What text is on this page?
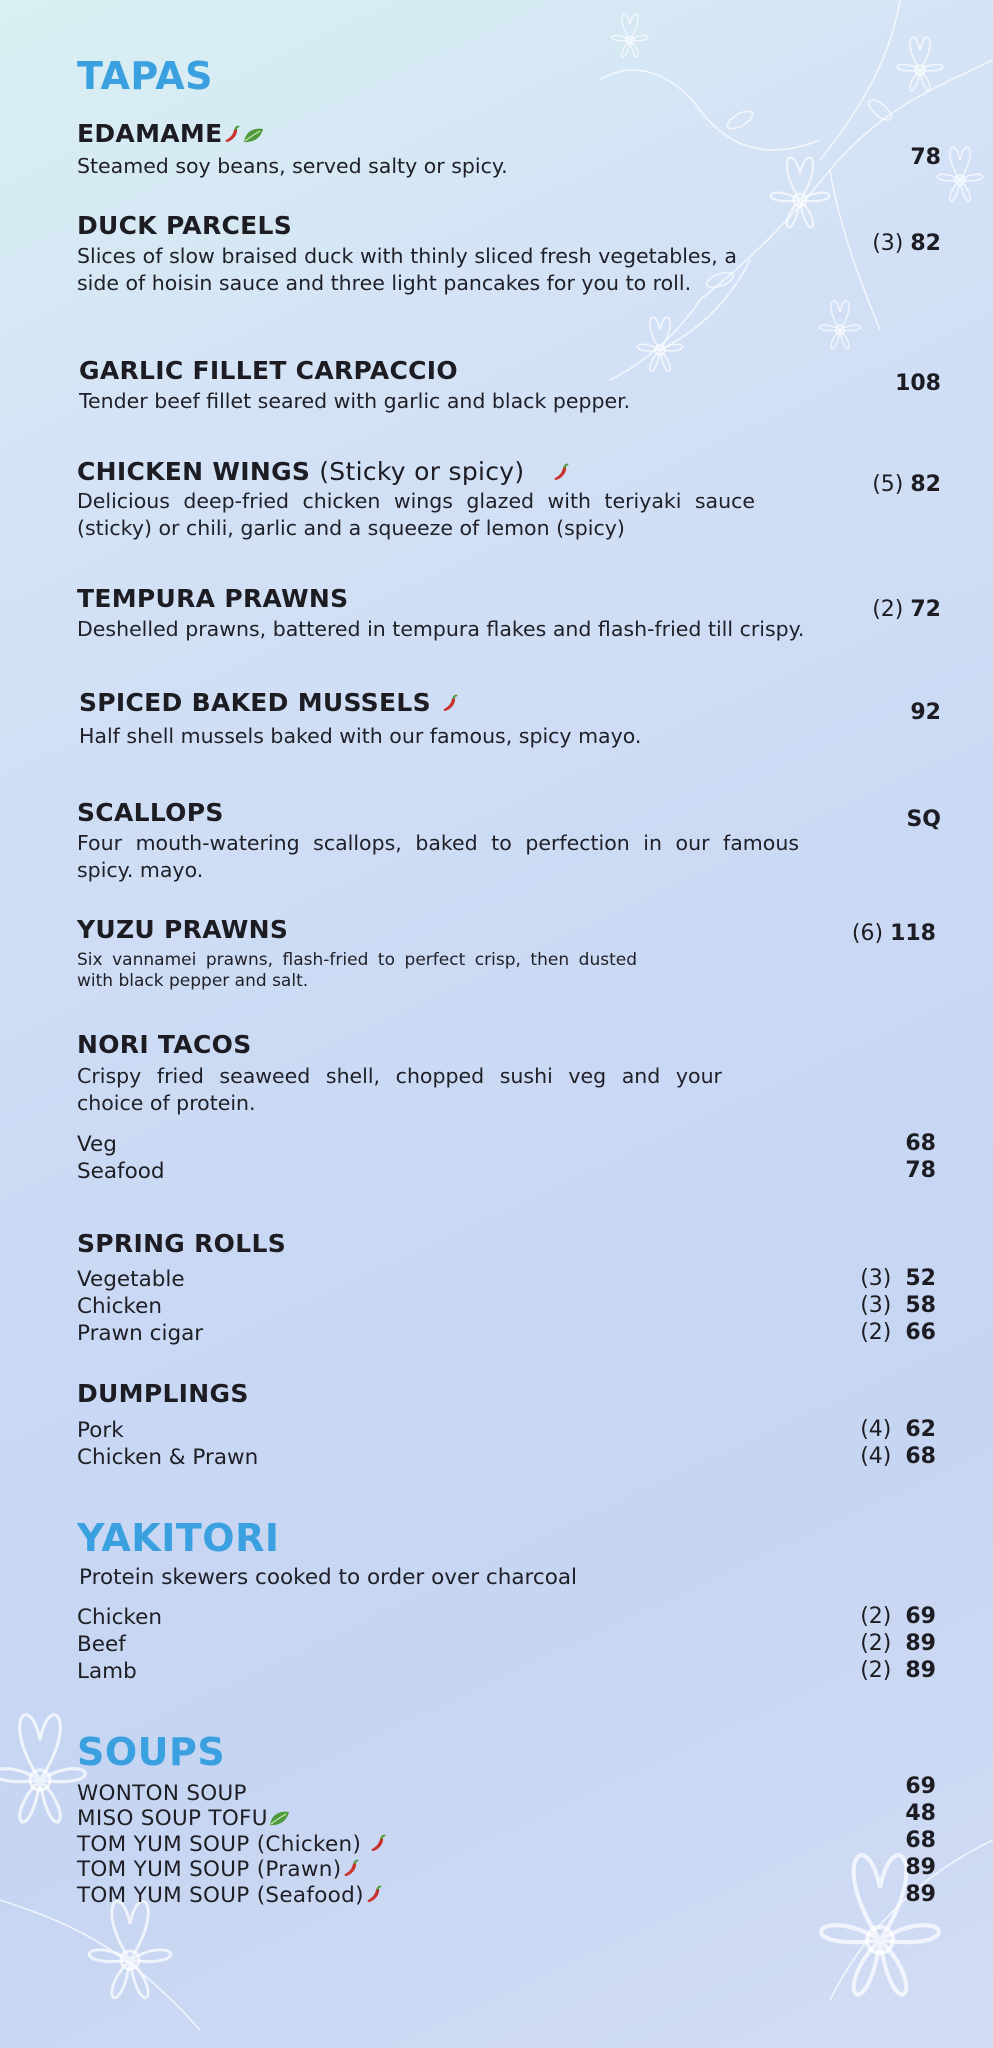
TAPAS
EDAMAME
Steamed soy beans, served salty or spicy.	78
DUCK PARCELS
Slices of slow braised duck with thinly sliced fresh vegetables, a side of hoisin sauce and three light pancakes for you to roll.
(3) 82
GARLIC FILLET CARPACCIO
Tender beef fillet seared with garlic and black pepper.
108
CHICKEN WINGS (Sticky or spicy)
Delicious deep-fried chicken wings glazed with teriyaki sauce (sticky) or chili, garlic and a squeeze of lemon (spicy)
(5) 82
TEMPURA PRAWNS
Deshelled prawns, battered in tempura flakes and flash-fried till crispy.
(2) 72
SPICED BAKED MUSSELS
Half shell mussels baked with our famous, spicy mayo.
92
SCALLOPS
Four mouth-watering scallops, baked to perfection in our famous spicy. mayo.
SQ
YUZU PRAWNS
Six vannamei prawns, flash-fried to perfect crisp, then dusted with black pepper and salt.
(6) 118
NORI TACOS
Crispy fried seaweed shell, chopped sushi veg and your choice of protein.
Veg	68
Seafood	78
SPRING ROLLS
Vegetable	(3) 52
Chicken	(3) 58
Prawn cigar	(2) 66
DUMPLINGS
Pork	(4) 62
Chicken & Prawn	(4) 68
YAKITORI
Protein skewers cooked to order over charcoal
Chicken	(2) 69
Beef	(2) 89
Lamb	(2) 89
SOUPS
WONTON SOUP	69
MISO SOUP TOFU	48
TOM YUM SOUP (Chicken)	68
TOM YUM SOUP (Prawn)	89
TOM YUM SOUP (Seafood)	89
